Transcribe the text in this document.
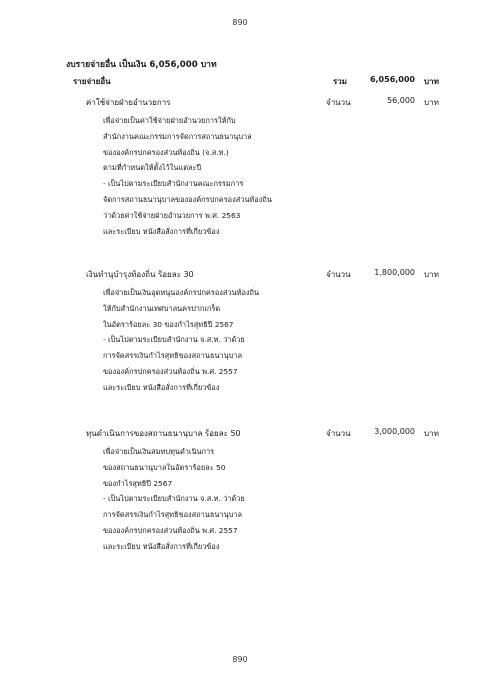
890
งบรายจ่ายอื่น เป็นเงิน 6,056,000 บาท
รายจ่ายอื่น	รวม	6,056,000 บาท
ค่าใช้จ่ายฝ่ายอำนวยการ	จำนวน	56,000 บาท
เพื่อจ่ายเป็นค่าใช้จ่ายฝ่ายอำนวยการให้กับ
สำนักงานคณะกรรมการจัดการสถานธนานุบาล
ขององค์กรปกครองส่วนท้องถิ่น (จ.ส.ท.)
ตามที่กำหนดให้ตั้งไว้ในแต่ละปี
- เป็นไปตามระเบียบสำนักงานคณะกรรมการ
จัดการสถานธนานุบาลขององค์กรปกครองส่วนท้องถิ่น
ว่าด้วยค่าใช้จ่ายฝ่ายอำนวยการ พ.ศ. 2563
และระเบียบ หนังสือสั่งการที่เกี่ยวข้อง
เงินทำนุบำรุงท้องถิ่น ร้อยละ 30	จำนวน	1,800,000 บาท
เพื่อจ่ายเป็นเงินอุดหนุนองค์กรปกครองส่วนท้องถิ่น
ให้กับสำนักงานเทศบาลนครปากเกร็ด
ในอัตราร้อยละ 30 ของกำไรสุทธิปี 2567
- เป็นไปตามระเบียบสำนักงาน จ.ส.ท. ว่าด้วย
การจัดสรรเงินกำไรสุทธิของสถานธนานุบาล
ขององค์กรปกครองส่วนท้องถิ่น พ.ศ. 2557
และระเบียบ หนังสือสั่งการที่เกี่ยวข้อง
ทุนดำเนินการของสถานธนานุบาล ร้อยละ 50	จำนวน	3,000,000 บาท
เพื่อจ่ายเป็นเงินสมทบทุนดำเนินการ
ของสถานธนานุบาลในอัตราร้อยละ 50
ของกำไรสุทธิปี 2567
- เป็นไปตามระเบียบสำนักงาน จ.ส.ท. ว่าด้วย
การจัดสรรเงินกำไรสุทธิของสถานธนานุบาล
ขององค์กรปกครองส่วนท้องถิ่น พ.ศ. 2557
และระเบียบ หนังสือสั่งการที่เกี่ยวข้อง
890
